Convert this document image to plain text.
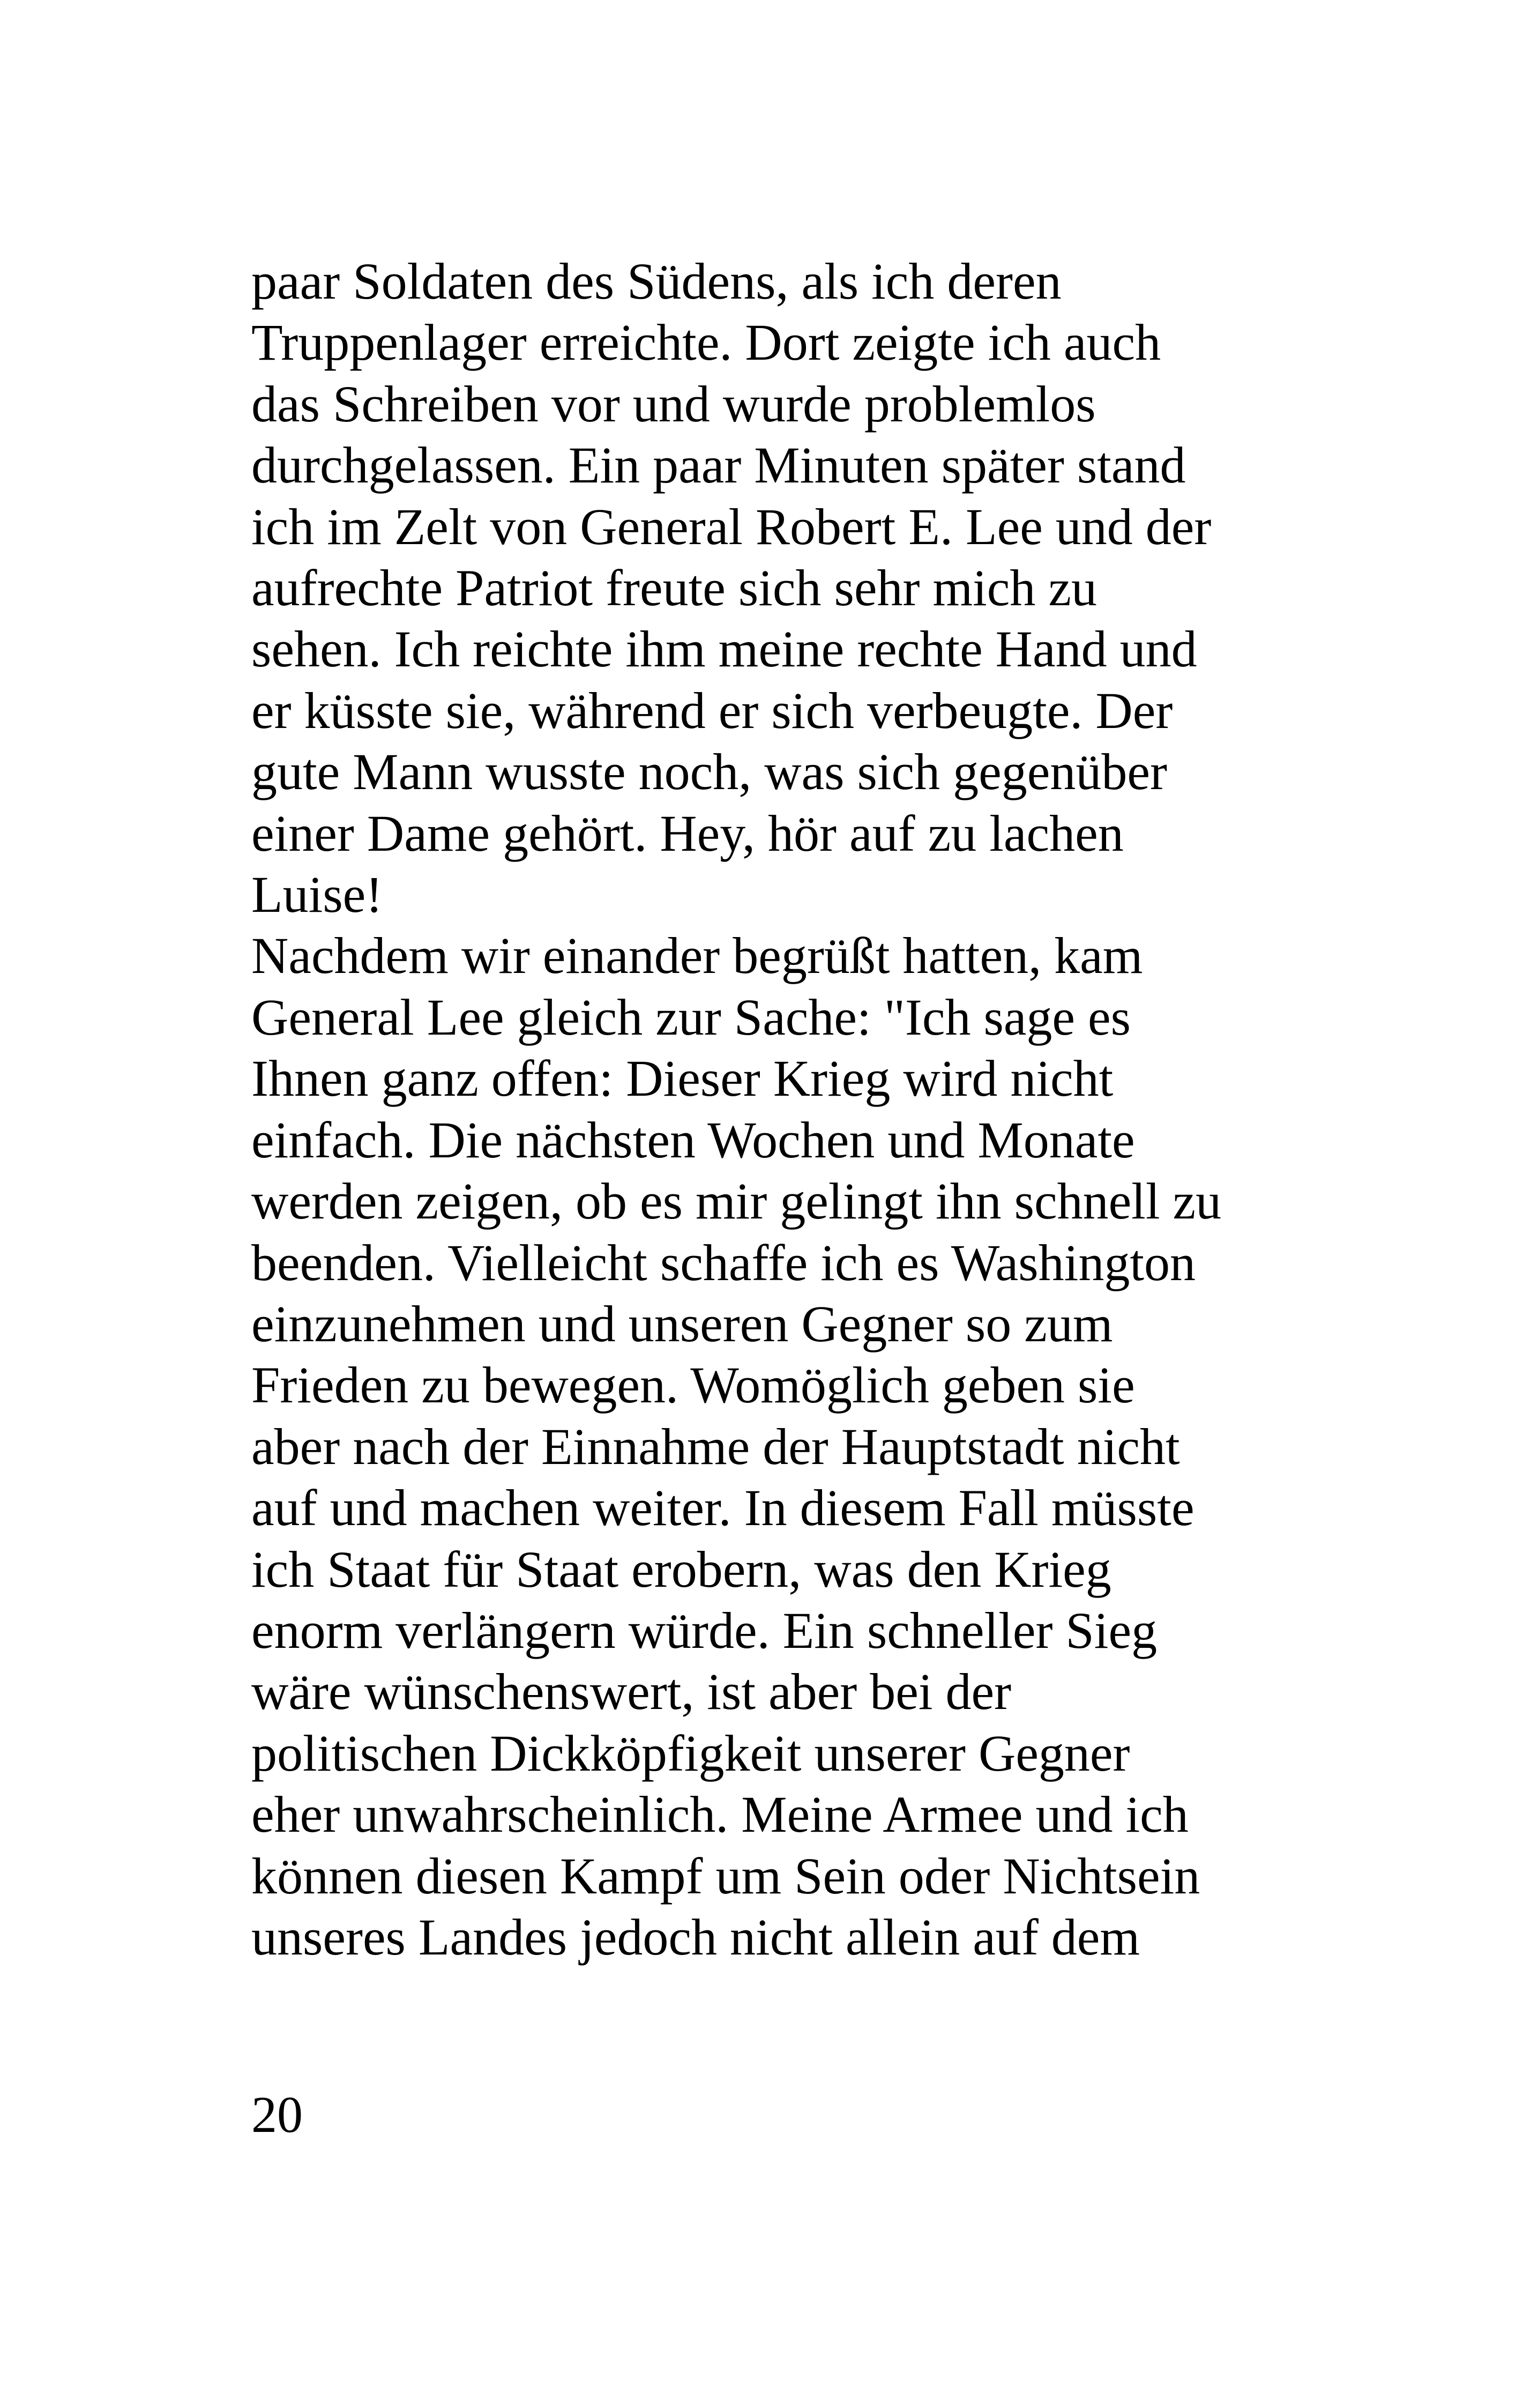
paar Soldaten des Südens, als ich deren
Truppenlager erreichte. Dort zeigte ich auch
das Schreiben vor und wurde problemlos
durchgelassen. Ein paar Minuten später stand
ich im Zelt von General Robert E. Lee und der
aufrechte Patriot freute sich sehr mich zu
sehen. Ich reichte ihm meine rechte Hand und
er küsste sie, während er sich verbeugte. Der
gute Mann wusste noch, was sich gegenüber
einer Dame gehört. Hey, hör auf zu lachen
Luise!
Nachdem wir einander begrüßt hatten, kam
General Lee gleich zur Sache: "Ich sage es
Ihnen ganz offen: Dieser Krieg wird nicht
einfach. Die nächsten Wochen und Monate
werden zeigen, ob es mir gelingt ihn schnell zu
beenden. Vielleicht schaffe ich es Washington
einzunehmen und unseren Gegner so zum
Frieden zu bewegen. Womöglich geben sie
aber nach der Einnahme der Hauptstadt nicht
auf und machen weiter. In diesem Fall müsste
ich Staat für Staat erobern, was den Krieg
enorm verlängern würde. Ein schneller Sieg
wäre wünschenswert, ist aber bei der
politischen Dickköpfigkeit unserer Gegner
eher unwahrscheinlich. Meine Armee und ich
können diesen Kampf um Sein oder Nichtsein
unseres Landes jedoch nicht allein auf dem
20
